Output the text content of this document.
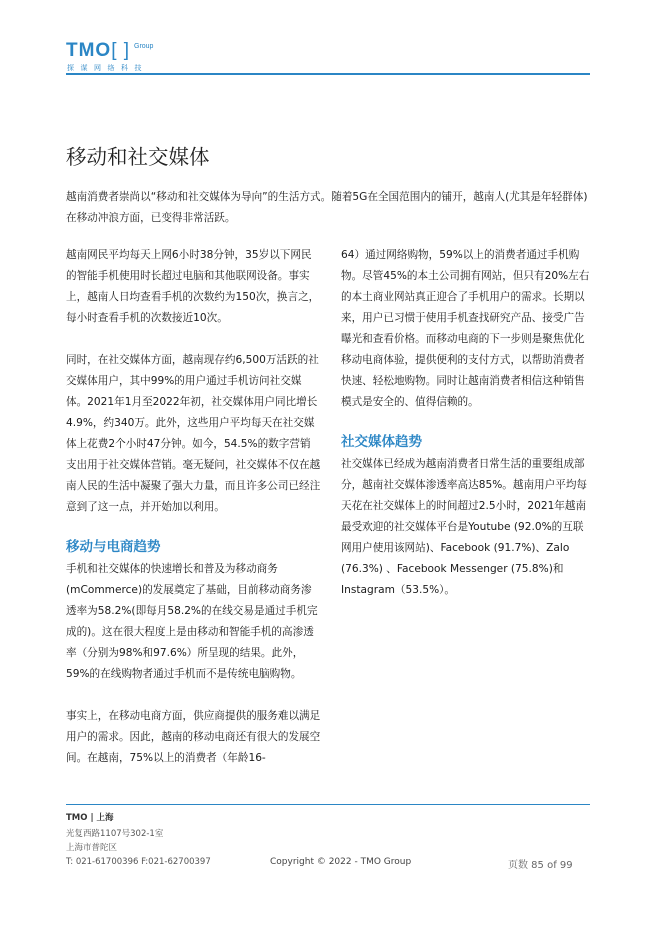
TMO[ ] Group
探谋网络科技
移动和社交媒体
越南消费者崇尚以“移动和社交媒体为导向”的生活方式。随着5G在全国范围内的铺开，越南人(尤其是年轻群体)在移动冲浪方面，已变得非常活跃。

越南网民平均每天上网6小时38分钟，35岁以下网民的智能手机使用时长超过电脑和其他联网设备。事实上，越南人日均查看手机的次数约为150次，换言之，每小时查看手机的次数接近10次。

同时，在社交媒体方面，越南现存约6,500万活跃的社交媒体用户，其中99%的用户通过手机访问社交媒体。2021年1月至2022年初，社交媒体用户同比增长4.9%，约340万。此外，这些用户平均每天在社交媒体上花费2个小时47分钟。如今，54.5%的数字营销支出用于社交媒体营销。毫无疑问，社交媒体不仅在越南人民的生活中凝聚了强大力量，而且许多公司已经注意到了这一点，并开始加以利用。

移动与电商趋势

手机和社交媒体的快速增长和普及为移动商务(mCommerce)的发展奠定了基础，目前移动商务渗透率为58.2%(即每月58.2%的在线交易是通过手机完成的)。这在很大程度上是由移动和智能手机的高渗透率（分别为98%和97.6%）所呈现的结果。此外，59%的在线购物者通过手机而不是传统电脑购物。

事实上，在移动电商方面，供应商提供的服务难以满足用户的需求。因此，越南的移动电商还有很大的发展空间。在越南，75%以上的消费者（年龄16-

64）通过网络购物，59%以上的消费者通过手机购物。尽管45%的本土公司拥有网站，但只有20%左右的本土商业网站真正迎合了手机用户的需求。长期以来，用户已习惯于使用手机查找研究产品、接受广告曝光和查看价格。而移动电商的下一步则是聚焦优化移动电商体验，提供便利的支付方式，以帮助消费者快速、轻松地购物。同时让越南消费者相信这种销售模式是安全的、值得信赖的。

社交媒体趋势

社交媒体已经成为越南消费者日常生活的重要组成部分，越南社交媒体渗透率高达85%。越南用户平均每天花在社交媒体上的时间超过2.5小时，2021年越南最受欢迎的社交媒体平台是Youtube (92.0%的互联网用户使用该网站)、Facebook (91.7%)、Zalo (76.3%) 、Facebook Messenger (75.8%)和Instagram（53.5%）。

TMO | 上海
光复西路1107号302-1室
上海市普陀区
T: 021-61700396 F:021-62700397	Copyright © 2022 - TMO Group	页数 85 of 99
